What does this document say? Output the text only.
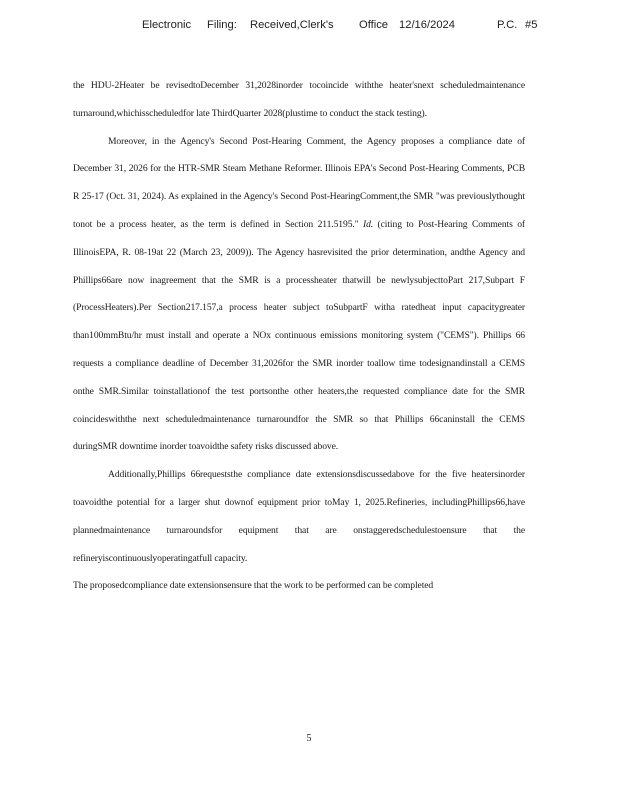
Electronic Filing: Received,Clerk's Office 12/16/2024	P.C. #5

the HDU-2Heater be revisedtoDecember 31,2028inorder tocoincide withthe heater'snext scheduledmaintenance turnaround,whichisscheduledfor late ThirdQuarter 2028(plustime to conduct the stack testing).

Moreover, in the Agency's Second Post-Hearing Comment, the Agency proposes a compliance date of December 31, 2026 for the HTR-SMR Steam Methane Reformer. Illinois EPA's Second Post-Hearing Comments, PCB R 25-17 (Oct. 31, 2024). As explained in the Agency's Second Post-HearingComment,the SMR "was previouslythought tonot be a process heater, as the term is defined in Section 211.5195." Id. (citing to Post-Hearing Comments of IllinoisEPA, R. 08-19at 22 (March 23, 2009)). The Agency hasrevisited the prior determination, andthe Agency and Phillips66are now inagreement that the SMR is a processheater thatwill be newlysubjecttoPart 217,Subpart F (ProcessHeaters).Per Section217.157,a process heater subject toSubpartF witha ratedheat input capacitygreater than100mmBtu/hr must install and operate a NOx continuous emissions monitoring system ("CEMS"). Phillips 66 requests a compliance deadline of December 31,2026for the SMR inorder toallow time todesignandinstall a CEMS onthe SMR.Similar toinstallationof the test portsonthe other heaters,the requested compliance date for the SMR coincideswiththe next scheduledmaintenance turnaroundfor the SMR so that Phillips 66caninstall the CEMS duringSMR downtime inorder toavoidthe safety risks discussed above.

Additionally,Phillips 66requeststhe compliance date extensionsdiscussedabove for the five heatersinorder toavoidthe potential for a larger shut downof equipment prior toMay 1, 2025.Refineries, includingPhillips66,have plannedmaintenance turnaroundsfor equipment that are onstaggeredschedulestoensure that the refineryiscontinuouslyoperatingatfull capacity.

The proposedcompliance date extensionsensure that the work to be performed can be completed

5
